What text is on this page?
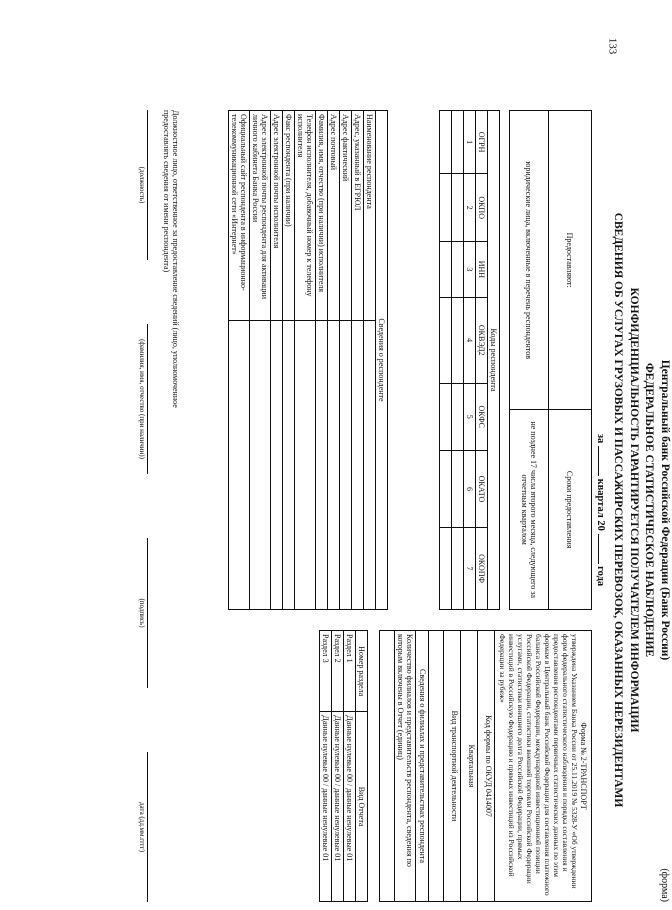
133
(форма)
Центральный банк Российской Федерации (Банк России)
ФЕДЕРАЛЬНОЕ СТАТИСТИЧЕСКОЕ НАБЛЮДЕНИЕ
КОНФИДЕНЦИАЛЬНОСТЬ ГАРАНТИРУЕТСЯ ПОЛУЧАТЕЛЕМ ИНФОРМАЦИИ
СВЕДЕНИЯ ОБ УСЛУГАХ ГРУЗОВЫХ И ПАССАЖИРСКИХ ПЕРЕВОЗОК, ОКАЗАННЫХ НЕРЕЗИДЕНТАМИ
за  квартал 20  года
Предоставляют:	Сроки предоставления
юридические лица, включенные в перечень респондентов	не позднее 17 числа второго месяца, следующего за отчетным кварталом
Коды респондента						
ОГРН	ОКПО	ИНН	ОКВЭД2	ОКФС	ОКАТО	ОКОПФ
1	2	3	4	5	6	7

Сведения о респонденте	
Наименование респондента	
Адрес, указанный в ЕГРЮЛ	
Адрес фактический	
Адрес почтовый	
Фамилия, имя, отчество (при наличии) исполнителя	
Телефон исполнителя, добавочный номер к телефону исполнителя	
Факс респондента (при наличии)	
Адрес электронной почты исполнителя	
Адрес электронной почты респондента для активации личного кабинета Банка России	
Официальный сайт респондента в информационно-телекоммуникационной сети «Интернет»	
Форма № 2-ТРАНСПОРТ
утверждена Указанием Банка России от 25.11.2019 № 5328-У «Об утверждении форм федерального статистического наблюдения и порядка составления и предоставления респондентами первичных статистических данных по этим формам в Центральный банк Российской Федерации для составления платежного баланса Российской Федерации, международной инвестиционной позиции Российской Федерации, статистики внешней торговли Российской Федерации услугами, статистики внешнего долга Российской Федерации, прямых инвестиций в Российскую Федерацию и прямых инвестиций из Российской Федерации за рубеж»

Код формы по ОКУД 0414007
Квартальная
Вид транспортной деятельности

Сведения о филиалах и представительствах респондента
Количество филиалов и представительств респондента, сведения по которым включены в Отчет (единиц)

Номер раздела	Вид Отчета
Раздел 1	Данные нулевые 00 / данные ненулевые 01
Раздел 2	Данные нулевые 00 / данные ненулевые 01
Раздел 3	Данные нулевые 00 / данные ненулевые 01
Должностное лицо, ответственное за предоставление сведений (лицо, уполномоченное предоставлять сведения от имени респондента)
(должность)
(фамилия, имя, отчество (при наличии))
(подпись)
дата (дд.мм.гггг)
